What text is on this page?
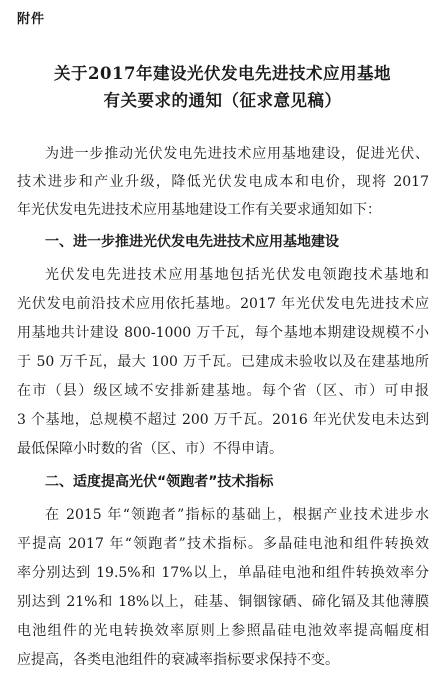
附件
关于2017年建设光伏发电先进技术应用基地
有关要求的通知（征求意见稿）
为进一步推动光伏发电先进技术应用基地建设，促进光伏、
技术进步和产业升级，降低光伏发电成本和电价，现将 2017
年光伏发电先进技术应用基地建设工作有关要求通知如下：
一、进一步推进光伏发电先进技术应用基地建设
光伏发电先进技术应用基地包括光伏发电领跑技术基地和
光伏发电前沿技术应用依托基地。2017 年光伏发电先进技术应
用基地共计建设 800-1000 万千瓦，每个基地本期建设规模不小
于 50 万千瓦，最大 100 万千瓦。已建成未验收以及在建基地所
在市（县）级区域不安排新建基地。每个省（区、市）可申报
3 个基地，总规模不超过 200 万千瓦。2016 年光伏发电未达到
最低保障小时数的省（区、市）不得申请。
二、适度提高光伏“领跑者”技术指标
在 2015 年“领跑者”指标的基础上，根据产业技术进步水
平提高 2017 年“领跑者”技术指标。多晶硅电池和组件转换效
率分别达到 19.5%和 17%以上，单晶硅电池和组件转换效率分
别达到 21%和 18%以上，硅基、铜铟镓硒、碲化镉及其他薄膜
电池组件的光电转换效率原则上参照晶硅电池效率提高幅度相
应提高，各类电池组件的衰减率指标要求保持不变。
